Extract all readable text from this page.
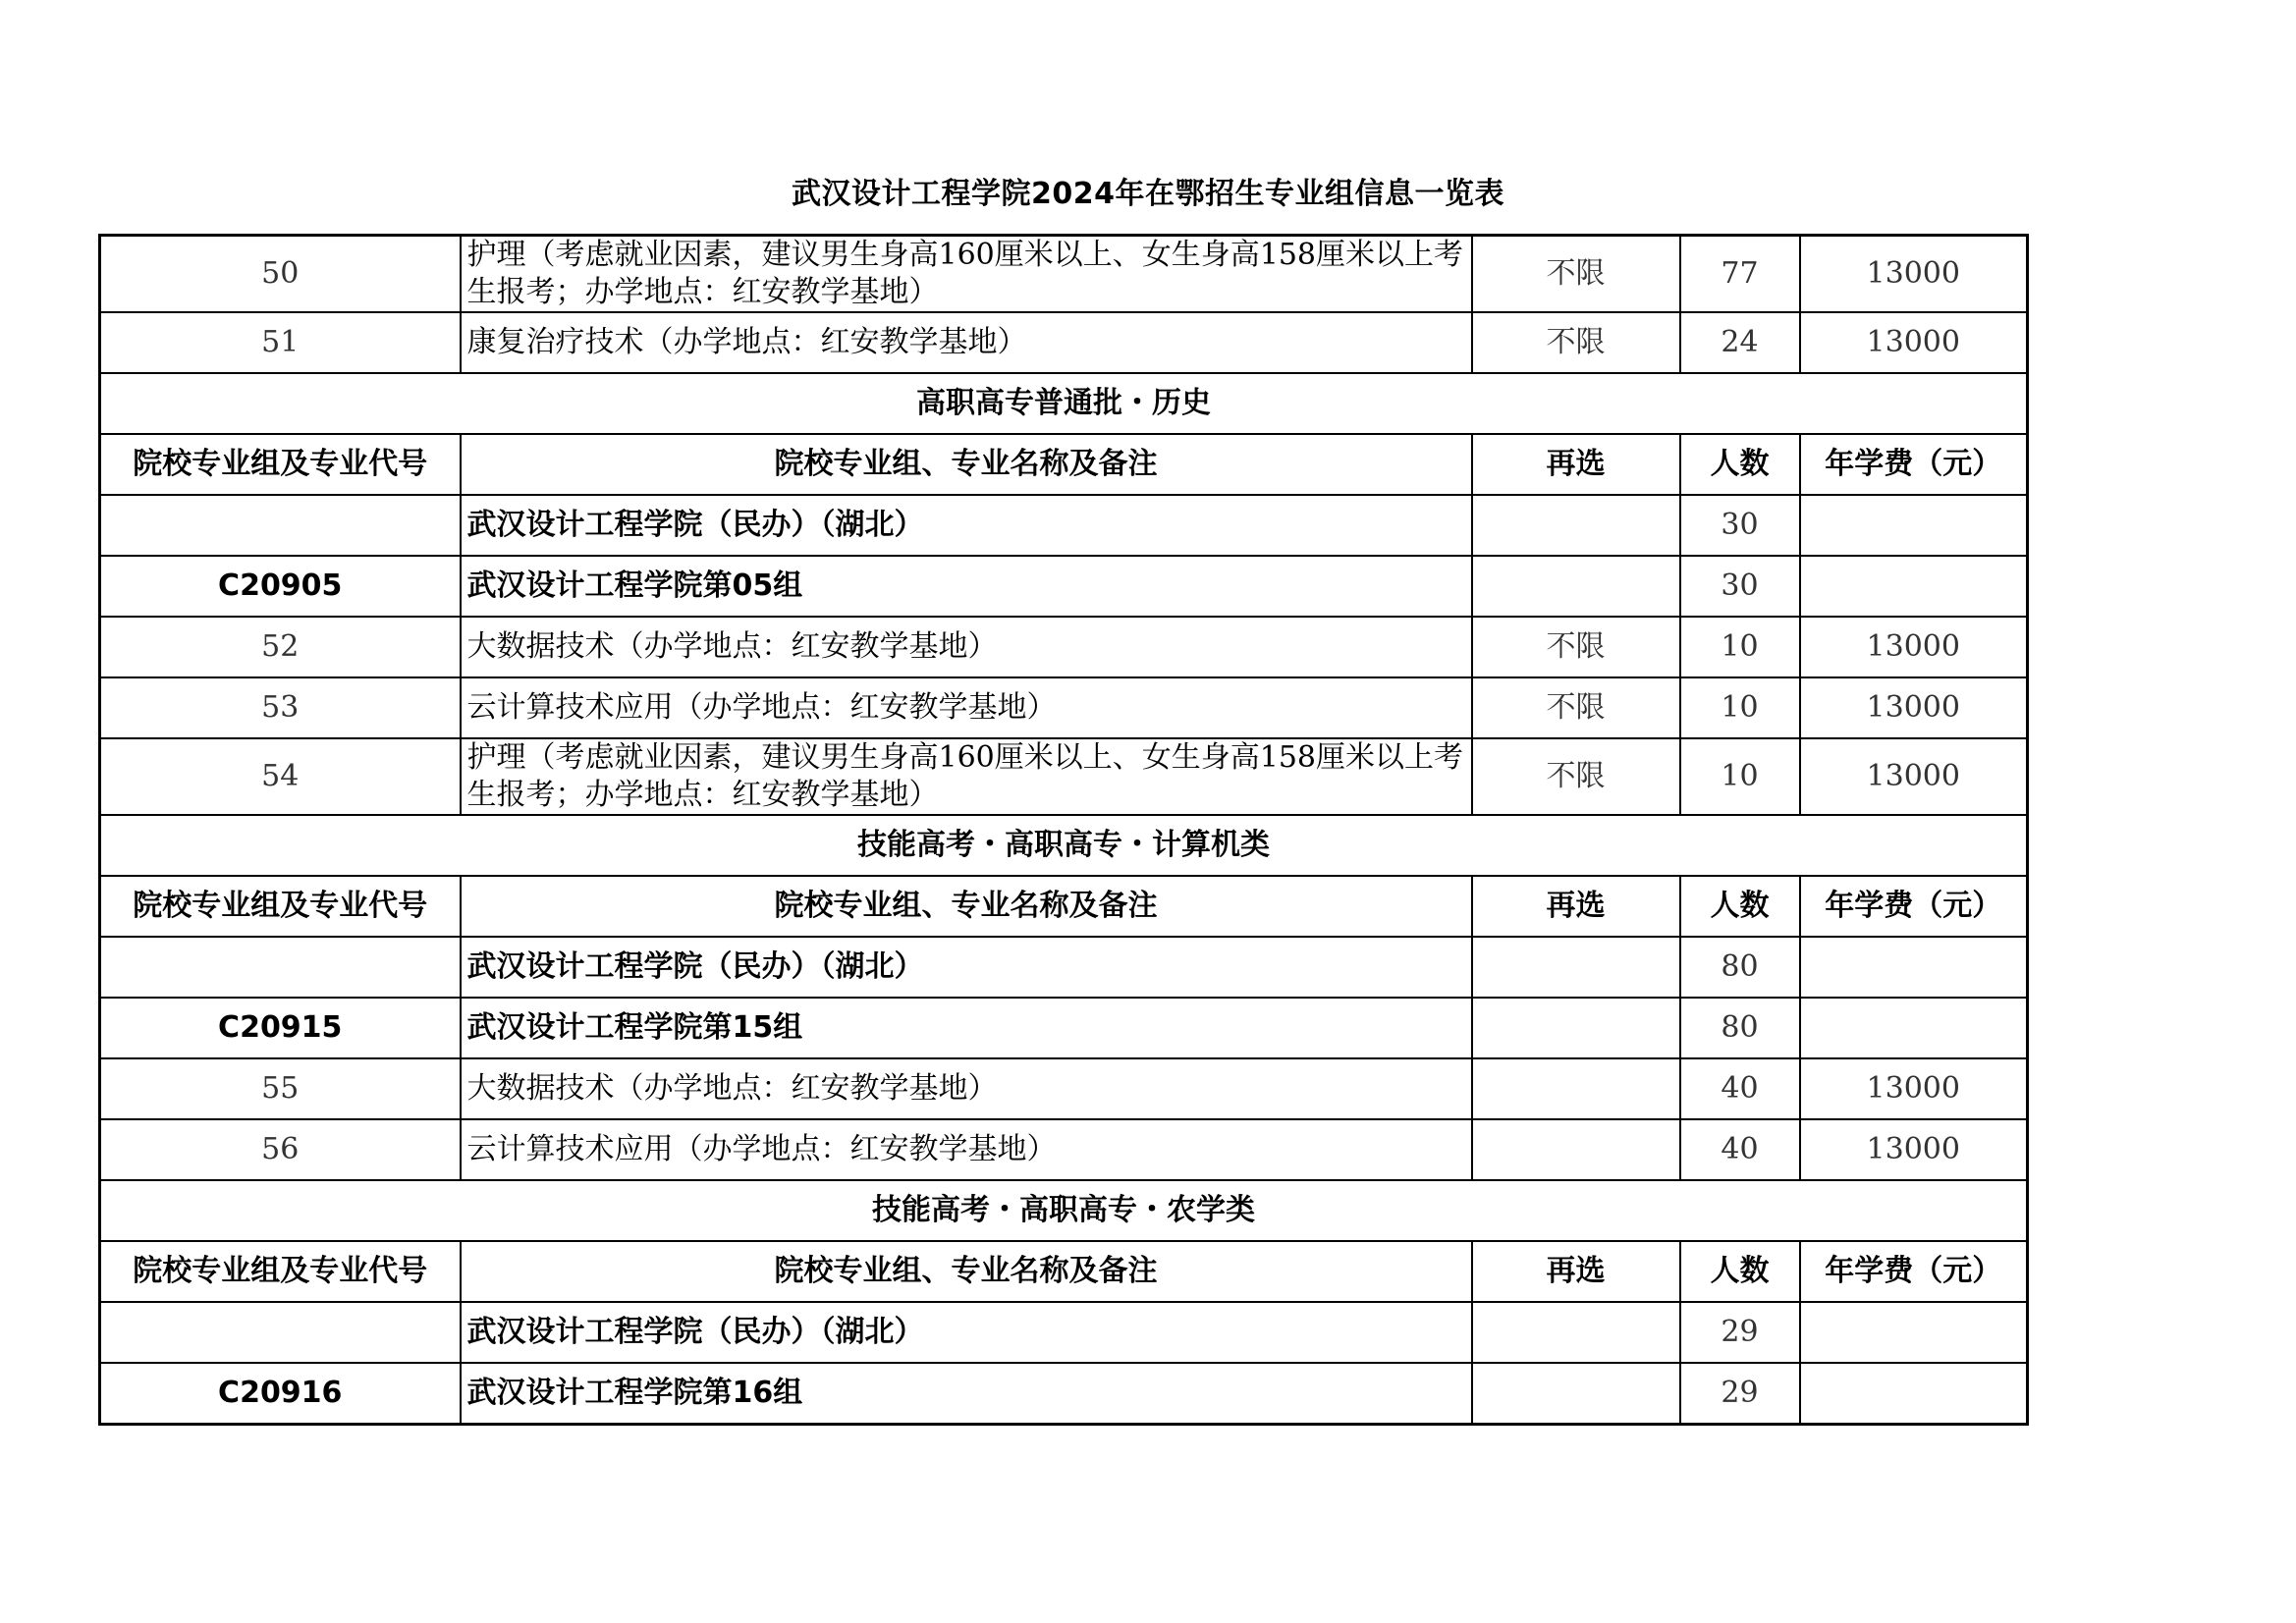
武汉设计工程学院2024年在鄂招生专业组信息一览表
50	护理（考虑就业因素，建议男生身高160厘米以上、女生身高158厘米以上考生报考；办学地点：红安教学基地）	不限	77	13000
51	康复治疗技术（办学地点：红安教学基地）	不限	24	13000
高职高专普通批・历史				
院校专业组及专业代号	院校专业组、专业名称及备注	再选	人数	年学费（元）
	武汉设计工程学院（民办）（湖北）		30	
C20905	武汉设计工程学院第05组		30	
52	大数据技术（办学地点：红安教学基地）	不限	10	13000
53	云计算技术应用（办学地点：红安教学基地）	不限	10	13000
54	护理（考虑就业因素，建议男生身高160厘米以上、女生身高158厘米以上考生报考；办学地点：红安教学基地）	不限	10	13000
技能高考・高职高专・计算机类				
院校专业组及专业代号	院校专业组、专业名称及备注	再选	人数	年学费（元）
	武汉设计工程学院（民办）（湖北）		80	
C20915	武汉设计工程学院第15组		80	
55	大数据技术（办学地点：红安教学基地）		40	13000
56	云计算技术应用（办学地点：红安教学基地）		40	13000
技能高考・高职高专・农学类				
院校专业组及专业代号	院校专业组、专业名称及备注	再选	人数	年学费（元）
	武汉设计工程学院（民办）（湖北）		29	
C20916	武汉设计工程学院第16组		29	
